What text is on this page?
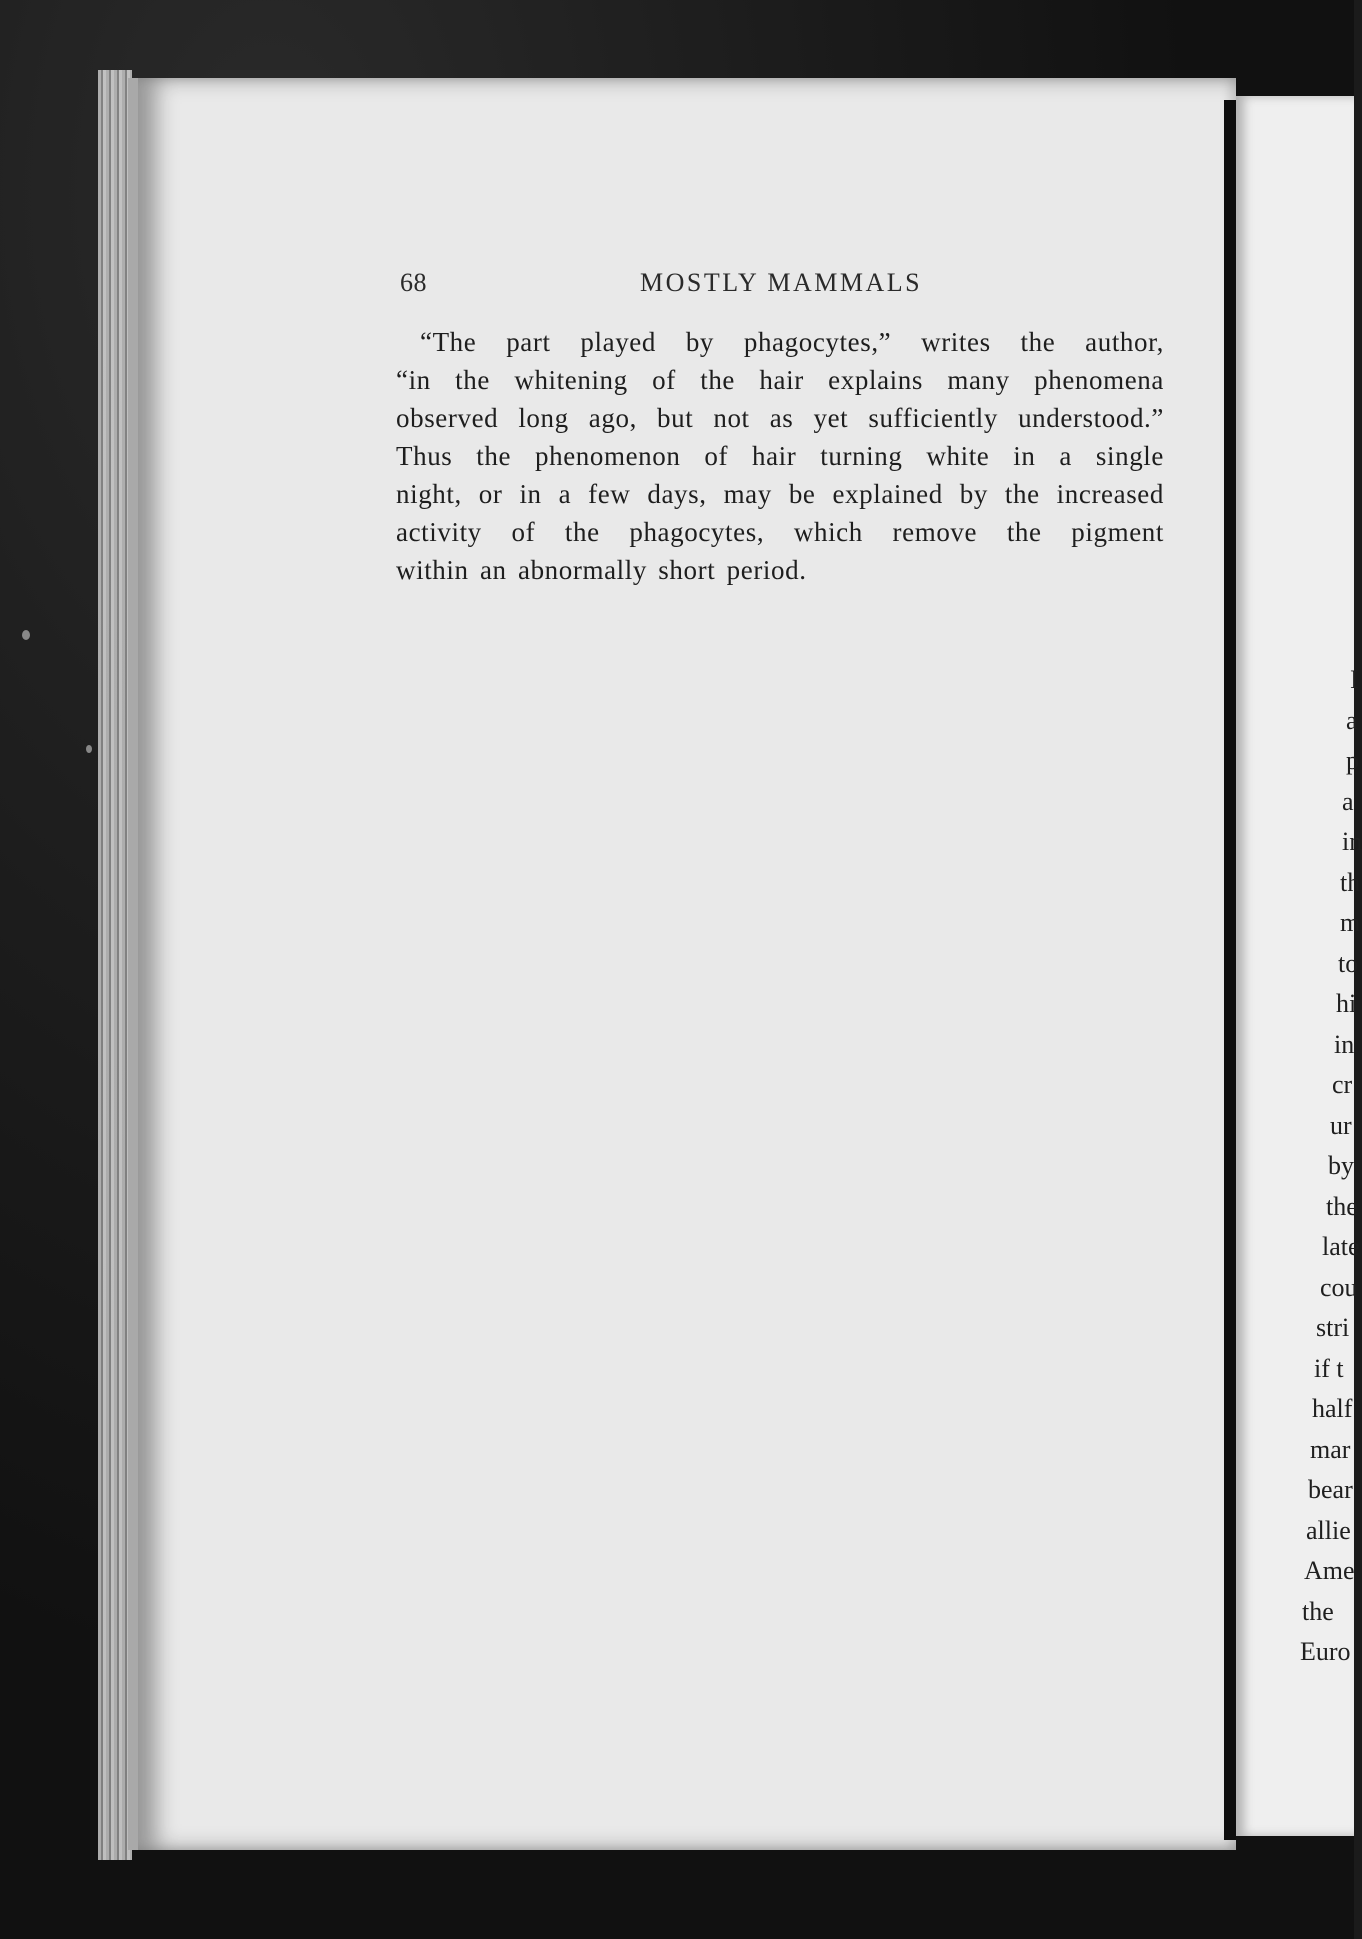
68	MOSTLY MAMMALS
“The part played by phagocytes,” writes the author,
“in the whitening of the hair explains many phenomena
observed long ago, but not as yet sufficiently understood.”
Thus the phenomenon of hair turning white in a single
night, or in a few days, may be explained by the increased
activity of the phagocytes, which remove the pigment
within an abnormally short period.
I
a
p
a
in
th
m
to
hi
in
cr
ur
by
the
late
cou
stri
if t
half
mar
bear
allie
Ame
the
Euro
